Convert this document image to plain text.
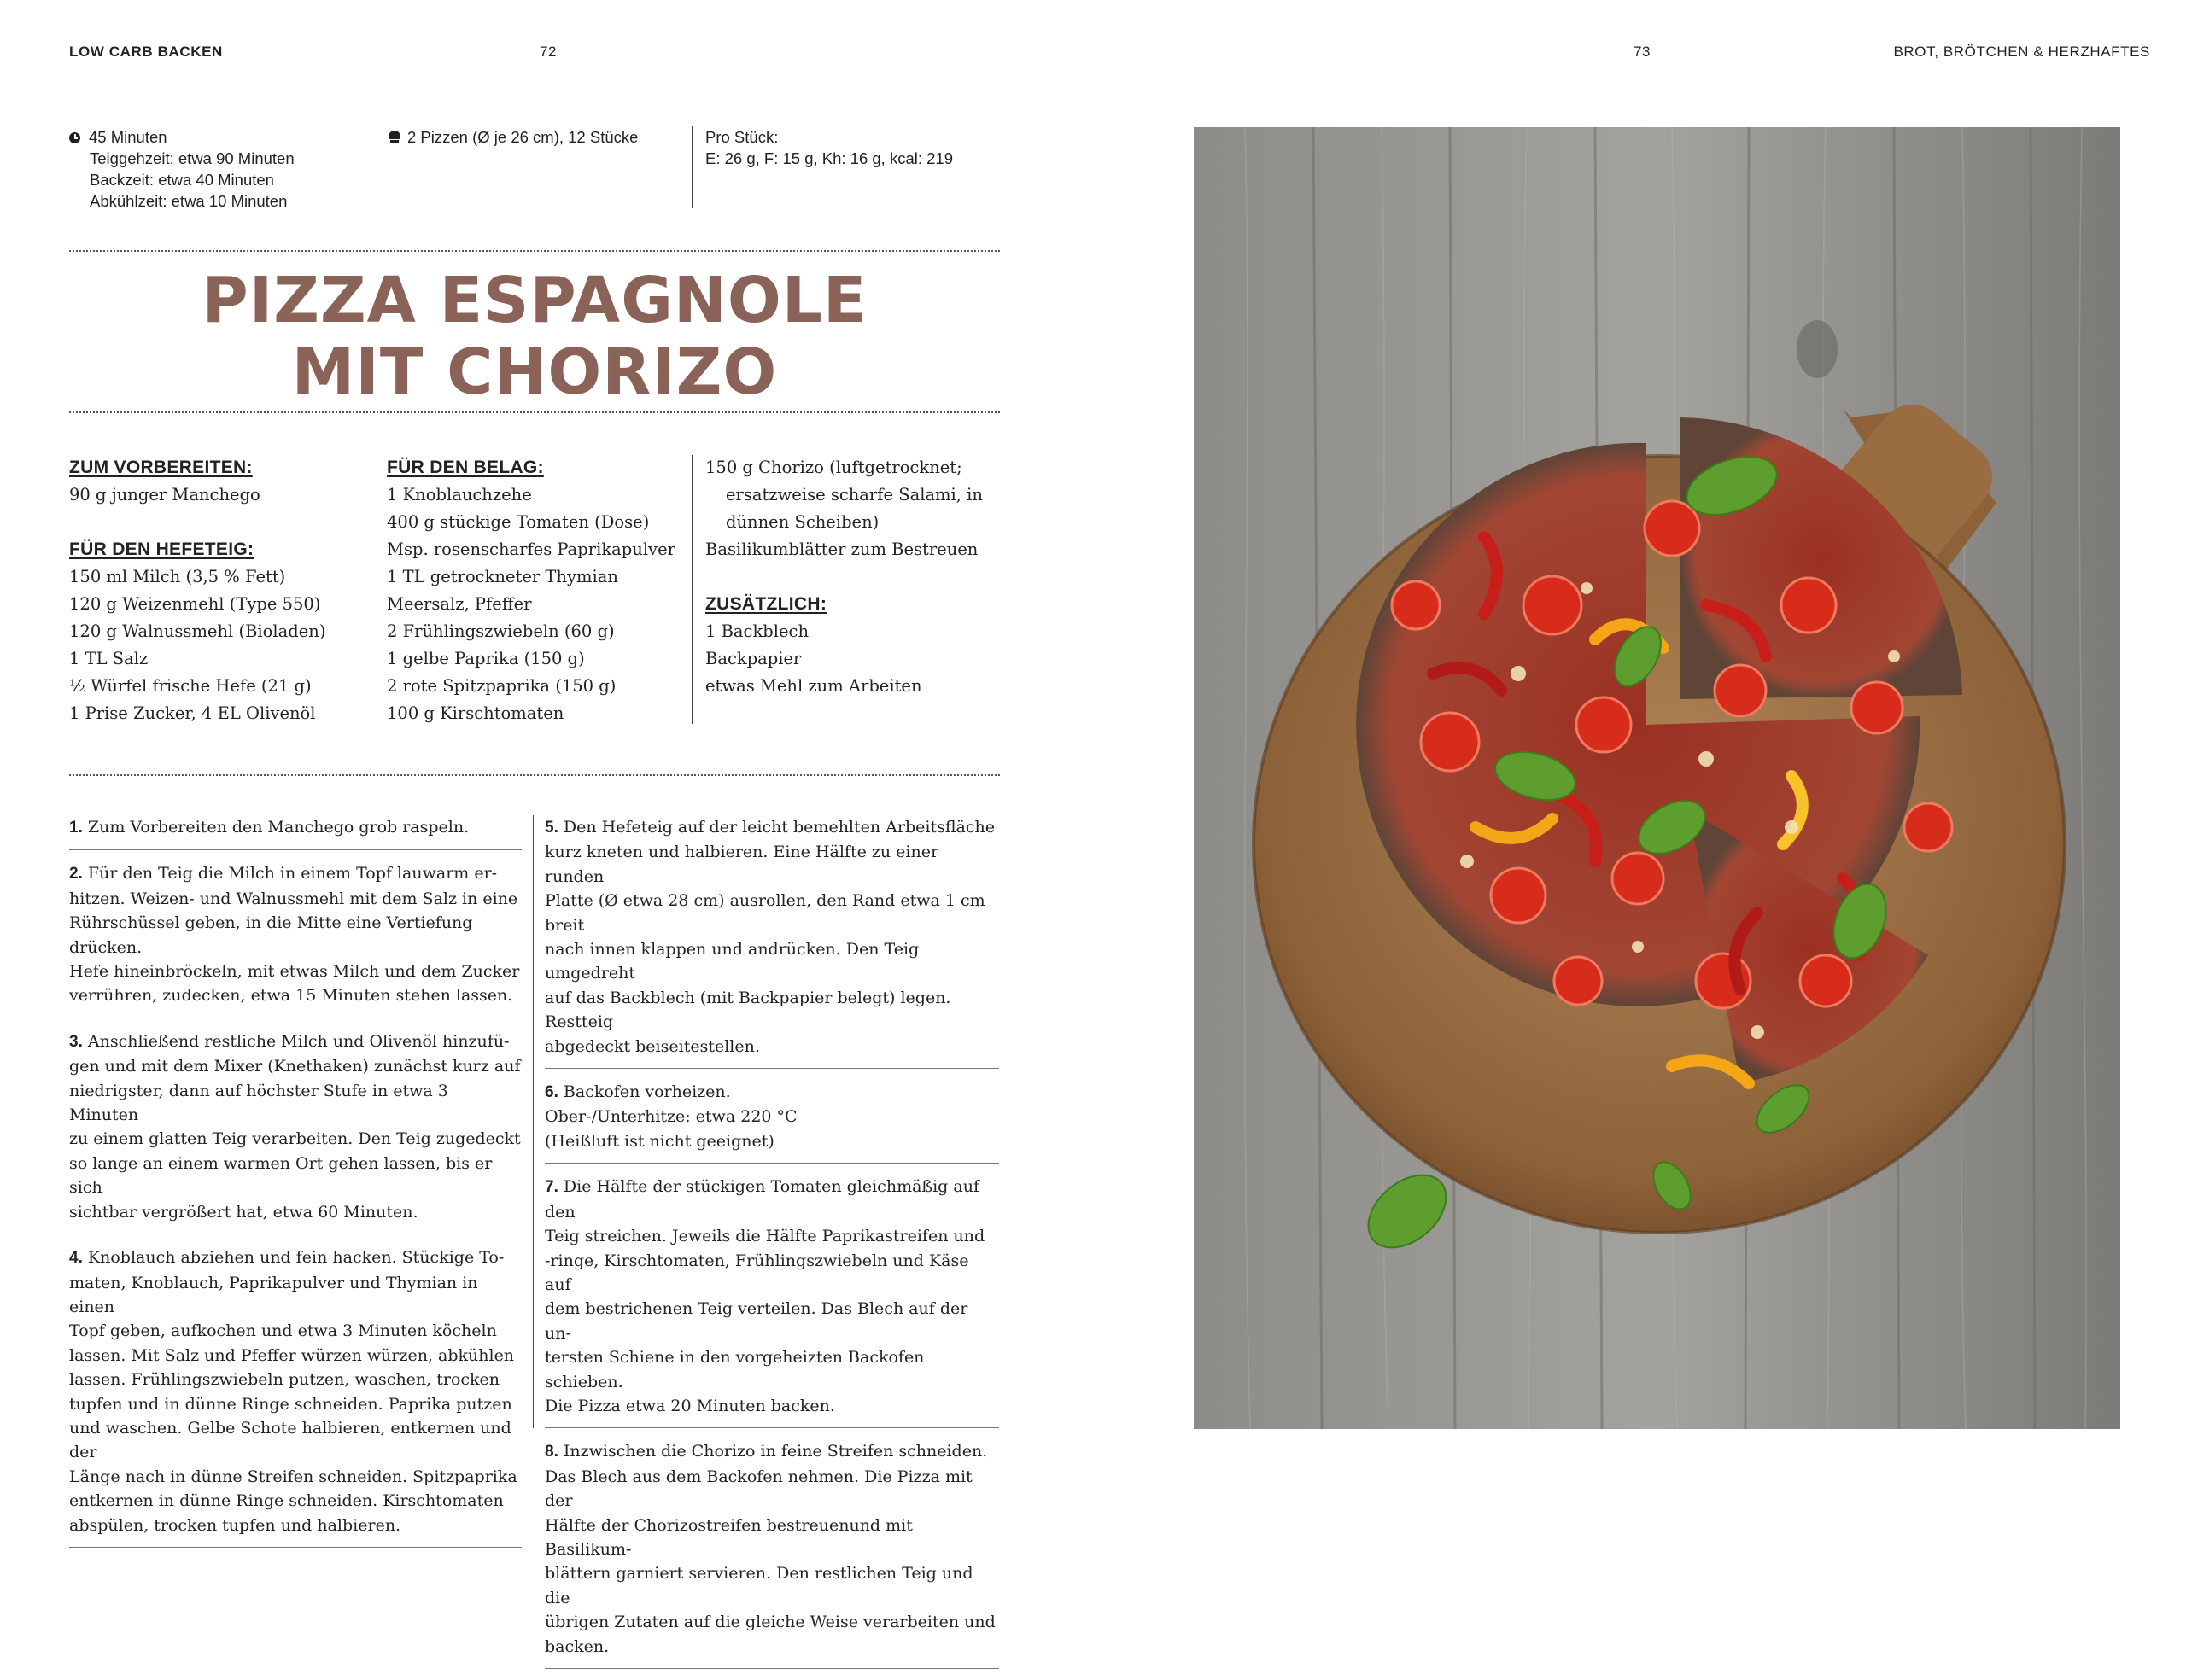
LOW CARB BACKEN	72	73	BROT, BRÖTCHEN & HERZHAFTES
45 Minuten
Teiggehzeit: etwa 90 Minuten
Backzeit: etwa 40 Minuten
Abkühlzeit: etwa 10 Minuten
2 Pizzen (Ø je 26 cm), 12 Stücke	Pro Stück:
E: 26 g, F: 15 g, Kh: 16 g, kcal: 219
PIZZA ESPAGNOLE
MIT CHORIZO
ZUM VORBEREITEN:
90 g junger Manchego
FÜR DEN HEFETEIG:
150 ml Milch (3,5 % Fett)
120 g Weizenmehl (Type 550)
120 g Walnussmehl (Bioladen)
1 TL Salz
½ Würfel frische Hefe (21 g)
1 Prise Zucker, 4 EL Olivenöl
FÜR DEN BELAG:
1 Knoblauchzehe
400 g stückige Tomaten (Dose)
Msp. rosenscharfes Paprikapulver
1 TL getrockneter Thymian
Meersalz, Pfeffer
2 Frühlingszwiebeln (60 g)
1 gelbe Paprika (150 g)
2 rote Spitzpaprika (150 g)
100 g Kirschtomaten
150 g Chorizo (luftgetrocknet;
ersatzweise scharfe Salami, in
dünnen Scheiben)
Basilikumblätter zum Bestreuen
ZUSÄTZLICH:
1 Backblech
Backpapier
etwas Mehl zum Arbeiten
1. Zum Vorbereiten den Manchego grob raspeln.
2. Für den Teig die Milch in einem Topf lauwarm er-
hitzen. Weizen- und Walnussmehl mit dem Salz in eine
Rührschüssel geben, in die Mitte eine Vertiefung drücken.
Hefe hineinbröckeln, mit etwas Milch und dem Zucker
verrühren, zudecken, etwa 15 Minuten stehen lassen.
3. Anschließend restliche Milch und Olivenöl hinzufü-
gen und mit dem Mixer (Knethaken) zunächst kurz auf
niedrigster, dann auf höchster Stufe in etwa 3 Minuten
zu einem glatten Teig verarbeiten. Den Teig zugedeckt
so lange an einem warmen Ort gehen lassen, bis er sich
sichtbar vergrößert hat, etwa 60 Minuten.
4. Knoblauch abziehen und fein hacken. Stückige To-
maten, Knoblauch, Paprikapulver und Thymian in einen
Topf geben, aufkochen und etwa 3 Minuten köcheln
lassen. Mit Salz und Pfeffer würzen würzen, abkühlen
lassen. Frühlingszwiebeln putzen, waschen, trocken
tupfen und in dünne Ringe schneiden. Paprika putzen
und waschen. Gelbe Schote halbieren, entkernen und der
Länge nach in dünne Streifen schneiden. Spitzpaprika
entkernen in dünne Ringe schneiden. Kirschtomaten
abspülen, trocken tupfen und halbieren.
5. Den Hefeteig auf der leicht bemehlten Arbeitsfläche
kurz kneten und halbieren. Eine Hälfte zu einer runden
Platte (Ø etwa 28 cm) ausrollen, den Rand etwa 1 cm breit
nach innen klappen und andrücken. Den Teig umgedreht
auf das Backblech (mit Backpapier belegt) legen. Restteig
abgedeckt beiseitestellen.
6. Backofen vorheizen.
Ober-/Unterhitze: etwa 220 °C
(Heißluft ist nicht geeignet)
7. Die Hälfte der stückigen Tomaten gleichmäßig auf den
Teig streichen. Jeweils die Hälfte Paprikastreifen und
-ringe, Kirschtomaten, Frühlingszwiebeln und Käse auf
dem bestrichenen Teig verteilen. Das Blech auf der un-
tersten Schiene in den vorgeheizten Backofen schieben.
Die Pizza etwa 20 Minuten backen.
8. Inzwischen die Chorizo in feine Streifen schneiden.
Das Blech aus dem Backofen nehmen. Die Pizza mit der
Hälfte der Chorizostreifen bestreuenund mit Basilikum-
blättern garniert servieren. Den restlichen Teig und die
übrigen Zutaten auf die gleiche Weise verarbeiten und
backen.
